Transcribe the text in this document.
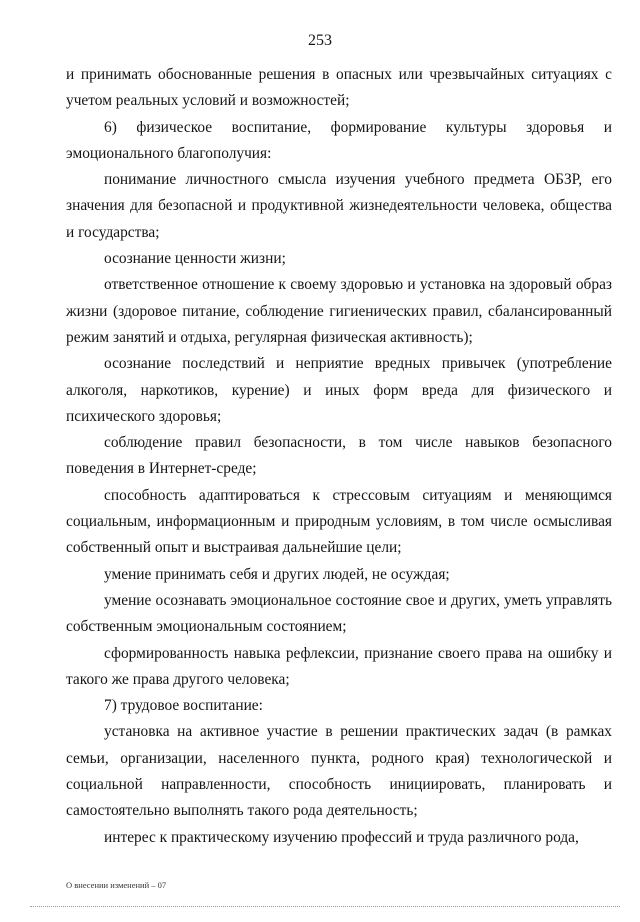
253

и принимать обоснованные решения в опасных или чрезвычайных ситуациях с учетом реальных условий и возможностей;

6) физическое воспитание, формирование культуры здоровья и эмоционального благополучия:

понимание личностного смысла изучения учебного предмета ОБЗР, его значения для безопасной и продуктивной жизнедеятельности человека, общества и государства;

осознание ценности жизни;

ответственное отношение к своему здоровью и установка на здоровый образ жизни (здоровое питание, соблюдение гигиенических правил, сбалансированный режим занятий и отдыха, регулярная физическая активность);

осознание последствий и неприятие вредных привычек (употребление алкоголя, наркотиков, курение) и иных форм вреда для физического и психического здоровья;

соблюдение правил безопасности, в том числе навыков безопасного поведения в Интернет-среде;

способность адаптироваться к стрессовым ситуациям и меняющимся социальным, информационным и природным условиям, в том числе осмысливая собственный опыт и выстраивая дальнейшие цели;

умение принимать себя и других людей, не осуждая;

умение осознавать эмоциональное состояние свое и других, уметь управлять собственным эмоциональным состоянием;

сформированность навыка рефлексии, признание своего права на ошибку и такого же права другого человека;

7) трудовое воспитание:

установка на активное участие в решении практических задач (в рамках семьи, организации, населенного пункта, родного края) технологической и социальной направленности, способность инициировать, планировать и самостоятельно выполнять такого рода деятельность;

интерес к практическому изучению профессий и труда различного рода,

О внесении изменений – 07
